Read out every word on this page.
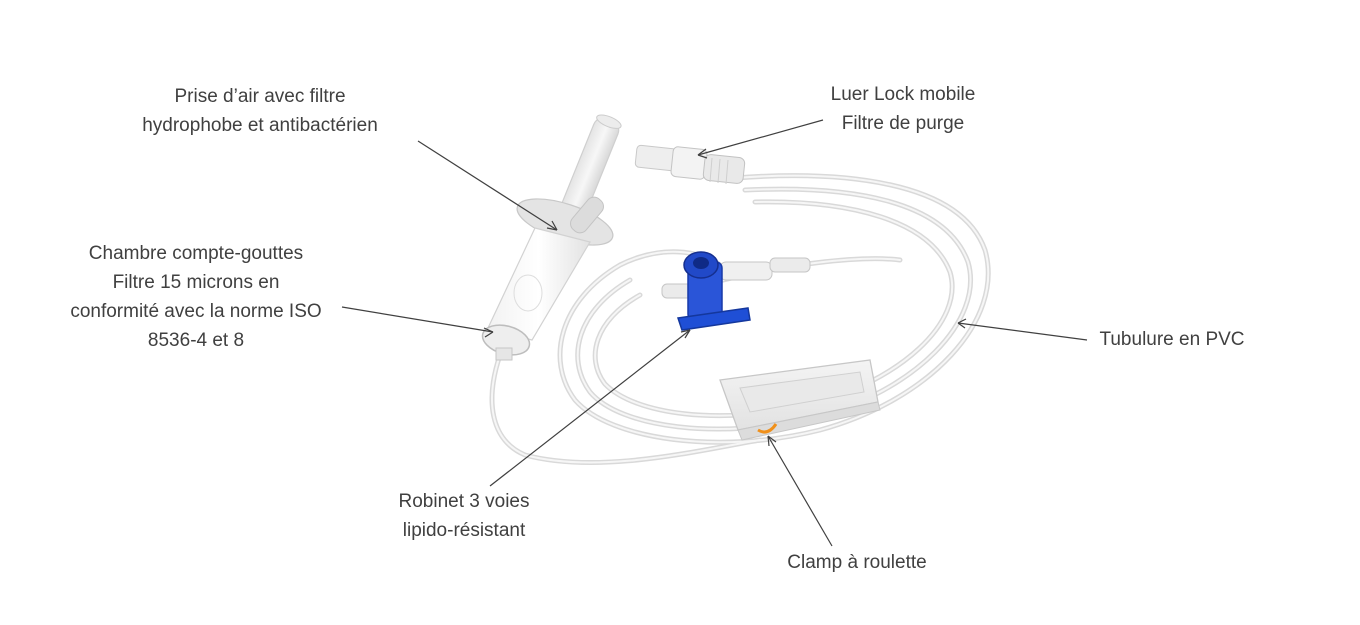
Prise d’air avec filtre
hydrophobe et antibactérien
Chambre compte-gouttes
Filtre 15 microns en
conformité avec la norme ISO
8536-4 et 8
Luer Lock mobile
Filtre de purge
Tubulure en PVC
Robinet 3 voies
lipido-résistant
Clamp à roulette
